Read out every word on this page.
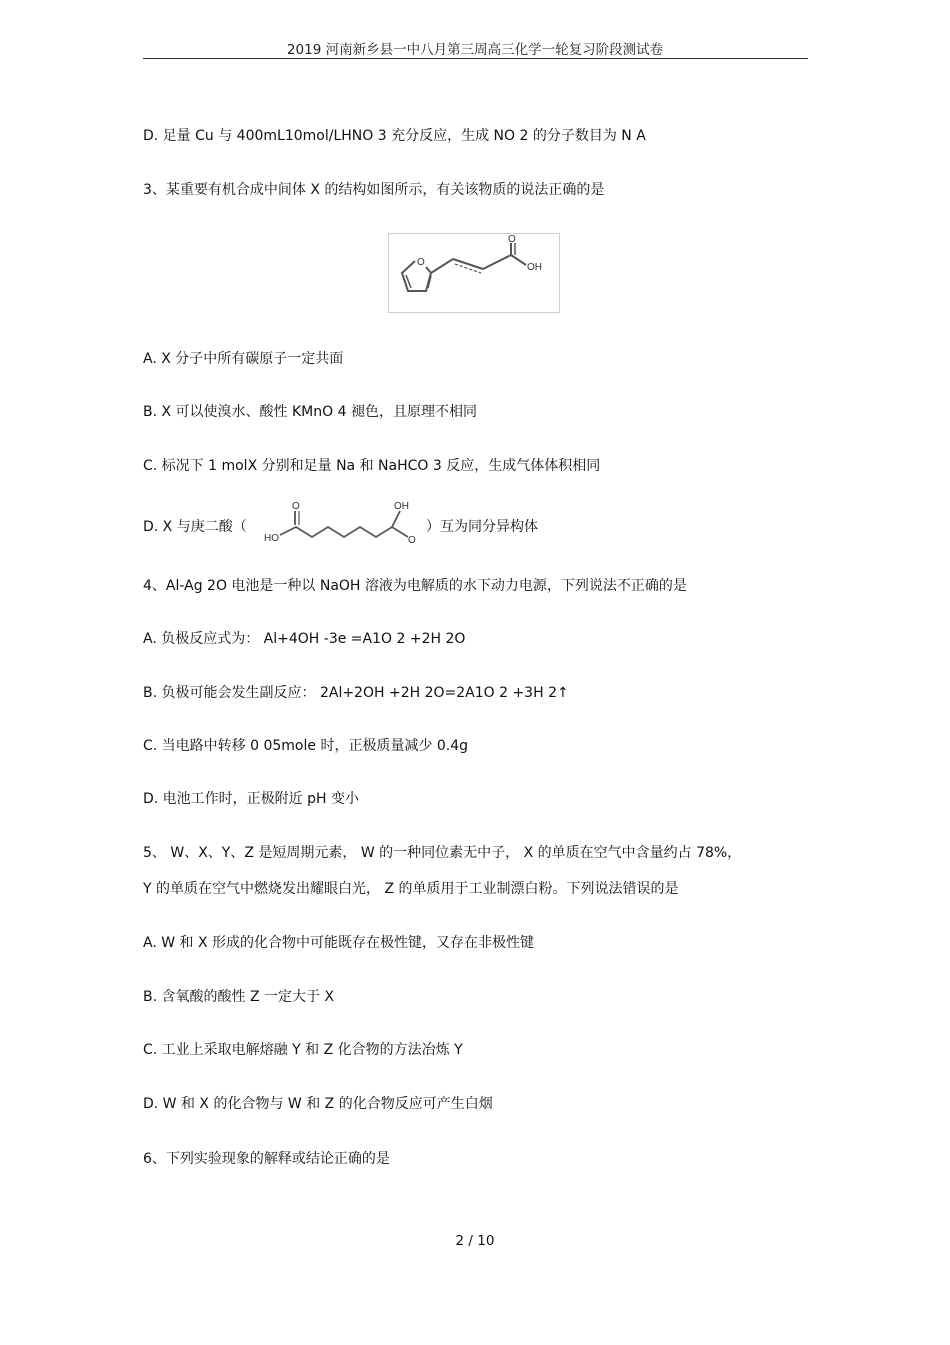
2019 河南新乡县一中八月第三周高三化学一轮复习阶段测试卷
D. 足量 Cu 与 400mL10mol/LHNO 3 充分反应，生成 NO 2 的分子数目为 N A
3、某重要有机合成中间体 X 的结构如图所示，有关该物质的说法正确的是
O
O
OH
A. X 分子中所有碳原子一定共面
B. X 可以使溴水、酸性 KMnO 4 褪色，且原理不相同
C. 标况下 1 molX 分别和足量 Na 和 NaHCO 3 反应，生成气体体积相同
D. X 与庚二酸（
HO
O	OH
O
）互为同分异构体
4、Al-Ag 2O 电池是一种以 NaOH 溶液为电解质的水下动力电源，下列说法不正确的是
A. 负极反应式为： Al+4OH -3e =A1O 2 +2H 2O
B. 负极可能会发生副反应： 2Al+2OH +2H 2O=2A1O 2 +3H 2↑
C. 当电路中转移 0 05mole 时，正极质量减少 0.4g
D. 电池工作时，正极附近 pH 变小
5、 W、X、Y、Z 是短周期元素， W 的一种同位素无中子， X 的单质在空气中含量约占 78%，
Y 的单质在空气中燃烧发出耀眼白光， Z 的单质用于工业制漂白粉。下列说法错误的是
A. W 和 X 形成的化合物中可能既存在极性键，又存在非极性键
B. 含氧酸的酸性 Z 一定大于 X
C. 工业上采取电解熔融 Y 和 Z 化合物的方法冶炼 Y
D. W 和 X 的化合物与 W 和 Z 的化合物反应可产生白烟
6、下列实验现象的解释或结论正确的是
2 / 10
